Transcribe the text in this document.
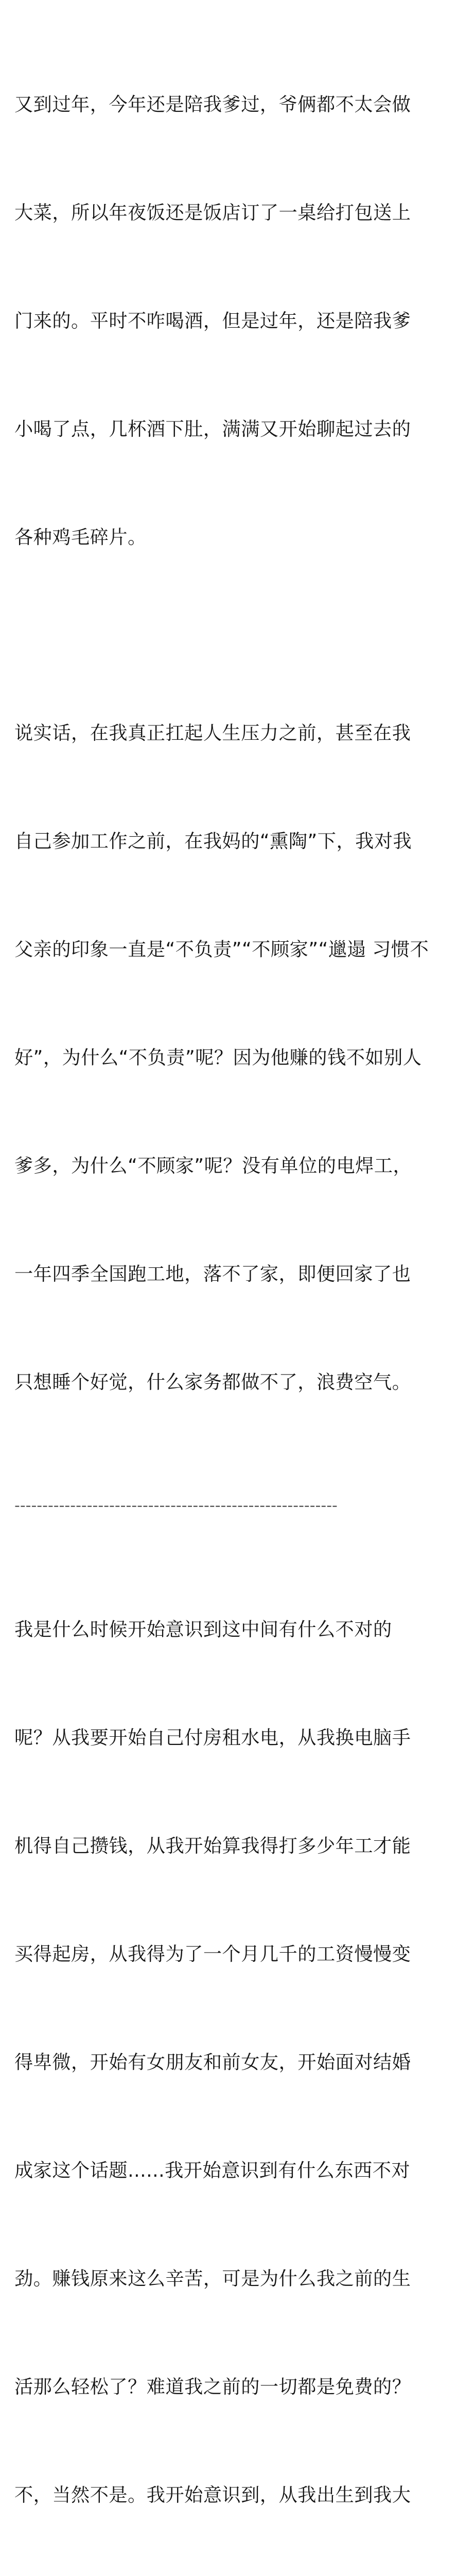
又到过年，今年还是陪我爹过，爷俩都不太会做

大菜，所以年夜饭还是饭店订了一桌给打包送上

门来的。平时不咋喝酒，但是过年，还是陪我爹

小喝了点，几杯酒下肚，满满又开始聊起过去的

各种鸡毛碎片。

说实话，在我真正扛起人生压力之前，甚至在我

自己参加工作之前，在我妈的“熏陶”下，我对我

父亲的印象一直是“不负责”“不顾家”“邋遢 习惯不

好”，为什么“不负责”呢？因为他赚的钱不如别人

爹多，为什么“不顾家”呢？没有单位的电焊工，

一年四季全国跑工地，落不了家，即便回家了也

只想睡个好觉，什么家务都做不了，浪费空气。

----------------------------------------------------------

我是什么时候开始意识到这中间有什么不对的

呢？从我要开始自己付房租水电，从我换电脑手

机得自己攒钱，从我开始算我得打多少年工才能

买得起房，从我得为了一个月几千的工资慢慢变

得卑微，开始有女朋友和前女友，开始面对结婚

成家这个话题......我开始意识到有什么东西不对

劲。赚钱原来这么辛苦，可是为什么我之前的生

活那么轻松了？难道我之前的一切都是免费的？

不，当然不是。我开始意识到，从我出生到我大
